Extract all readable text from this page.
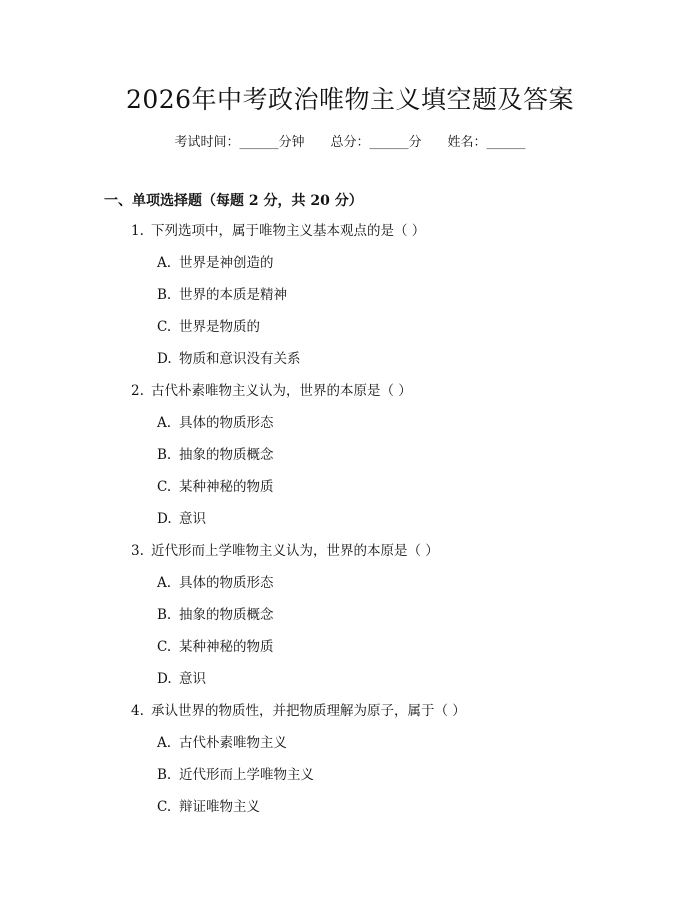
2026年中考政治唯物主义填空题及答案
考试时间：______分钟 总分：______分 姓名：______
一、单项选择题（每题 2 分，共 20 分）
1. 下列选项中，属于唯物主义基本观点的是（ ）
A. 世界是神创造的
B. 世界的本质是精神
C. 世界是物质的
D. 物质和意识没有关系
2. 古代朴素唯物主义认为，世界的本原是（ ）
A. 具体的物质形态
B. 抽象的物质概念
C. 某种神秘的物质
D. 意识
3. 近代形而上学唯物主义认为，世界的本原是（ ）
A. 具体的物质形态
B. 抽象的物质概念
C. 某种神秘的物质
D. 意识
4. 承认世界的物质性，并把物质理解为原子，属于（ ）
A. 古代朴素唯物主义
B. 近代形而上学唯物主义
C. 辩证唯物主义
